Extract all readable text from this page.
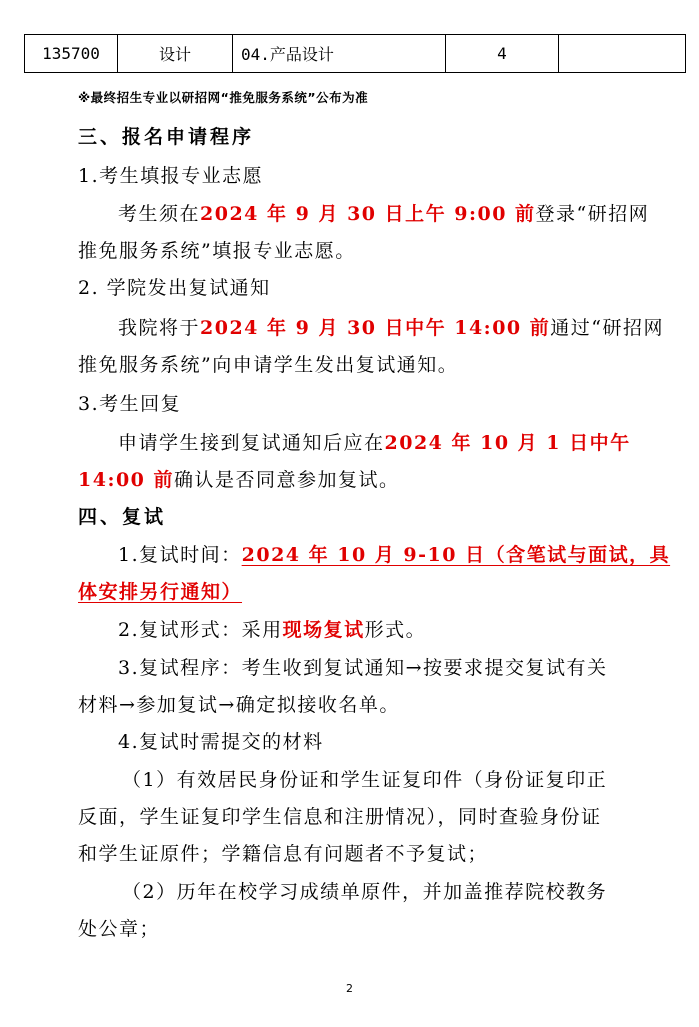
135700	设计	04.产品设计	4	
※最终招生专业以研招网“推免服务系统”公布为准
三、报名申请程序
1.考生填报专业志愿
考生须在2024 年 9 月 30 日上午 9:00 前登录“研招网
推免服务系统”填报专业志愿。
2. 学院发出复试通知
我院将于2024 年 9 月 30 日中午 14:00 前通过“研招网
推免服务系统”向申请学生发出复试通知。
3.考生回复
申请学生接到复试通知后应在2024 年 10 月 1 日中午
14:00 前确认是否同意参加复试。
四、复试
1.复试时间：2024 年 10 月 9-10 日（含笔试与面试，具
体安排另行通知）
2.复试形式：采用现场复试形式。
3.复试程序：考生收到复试通知→按要求提交复试有关
材料→参加复试→确定拟接收名单。
4.复试时需提交的材料
（1）有效居民身份证和学生证复印件（身份证复印正
反面，学生证复印学生信息和注册情况），同时查验身份证
和学生证原件；学籍信息有问题者不予复试；
（2）历年在校学习成绩单原件，并加盖推荐院校教务
处公章；
2
